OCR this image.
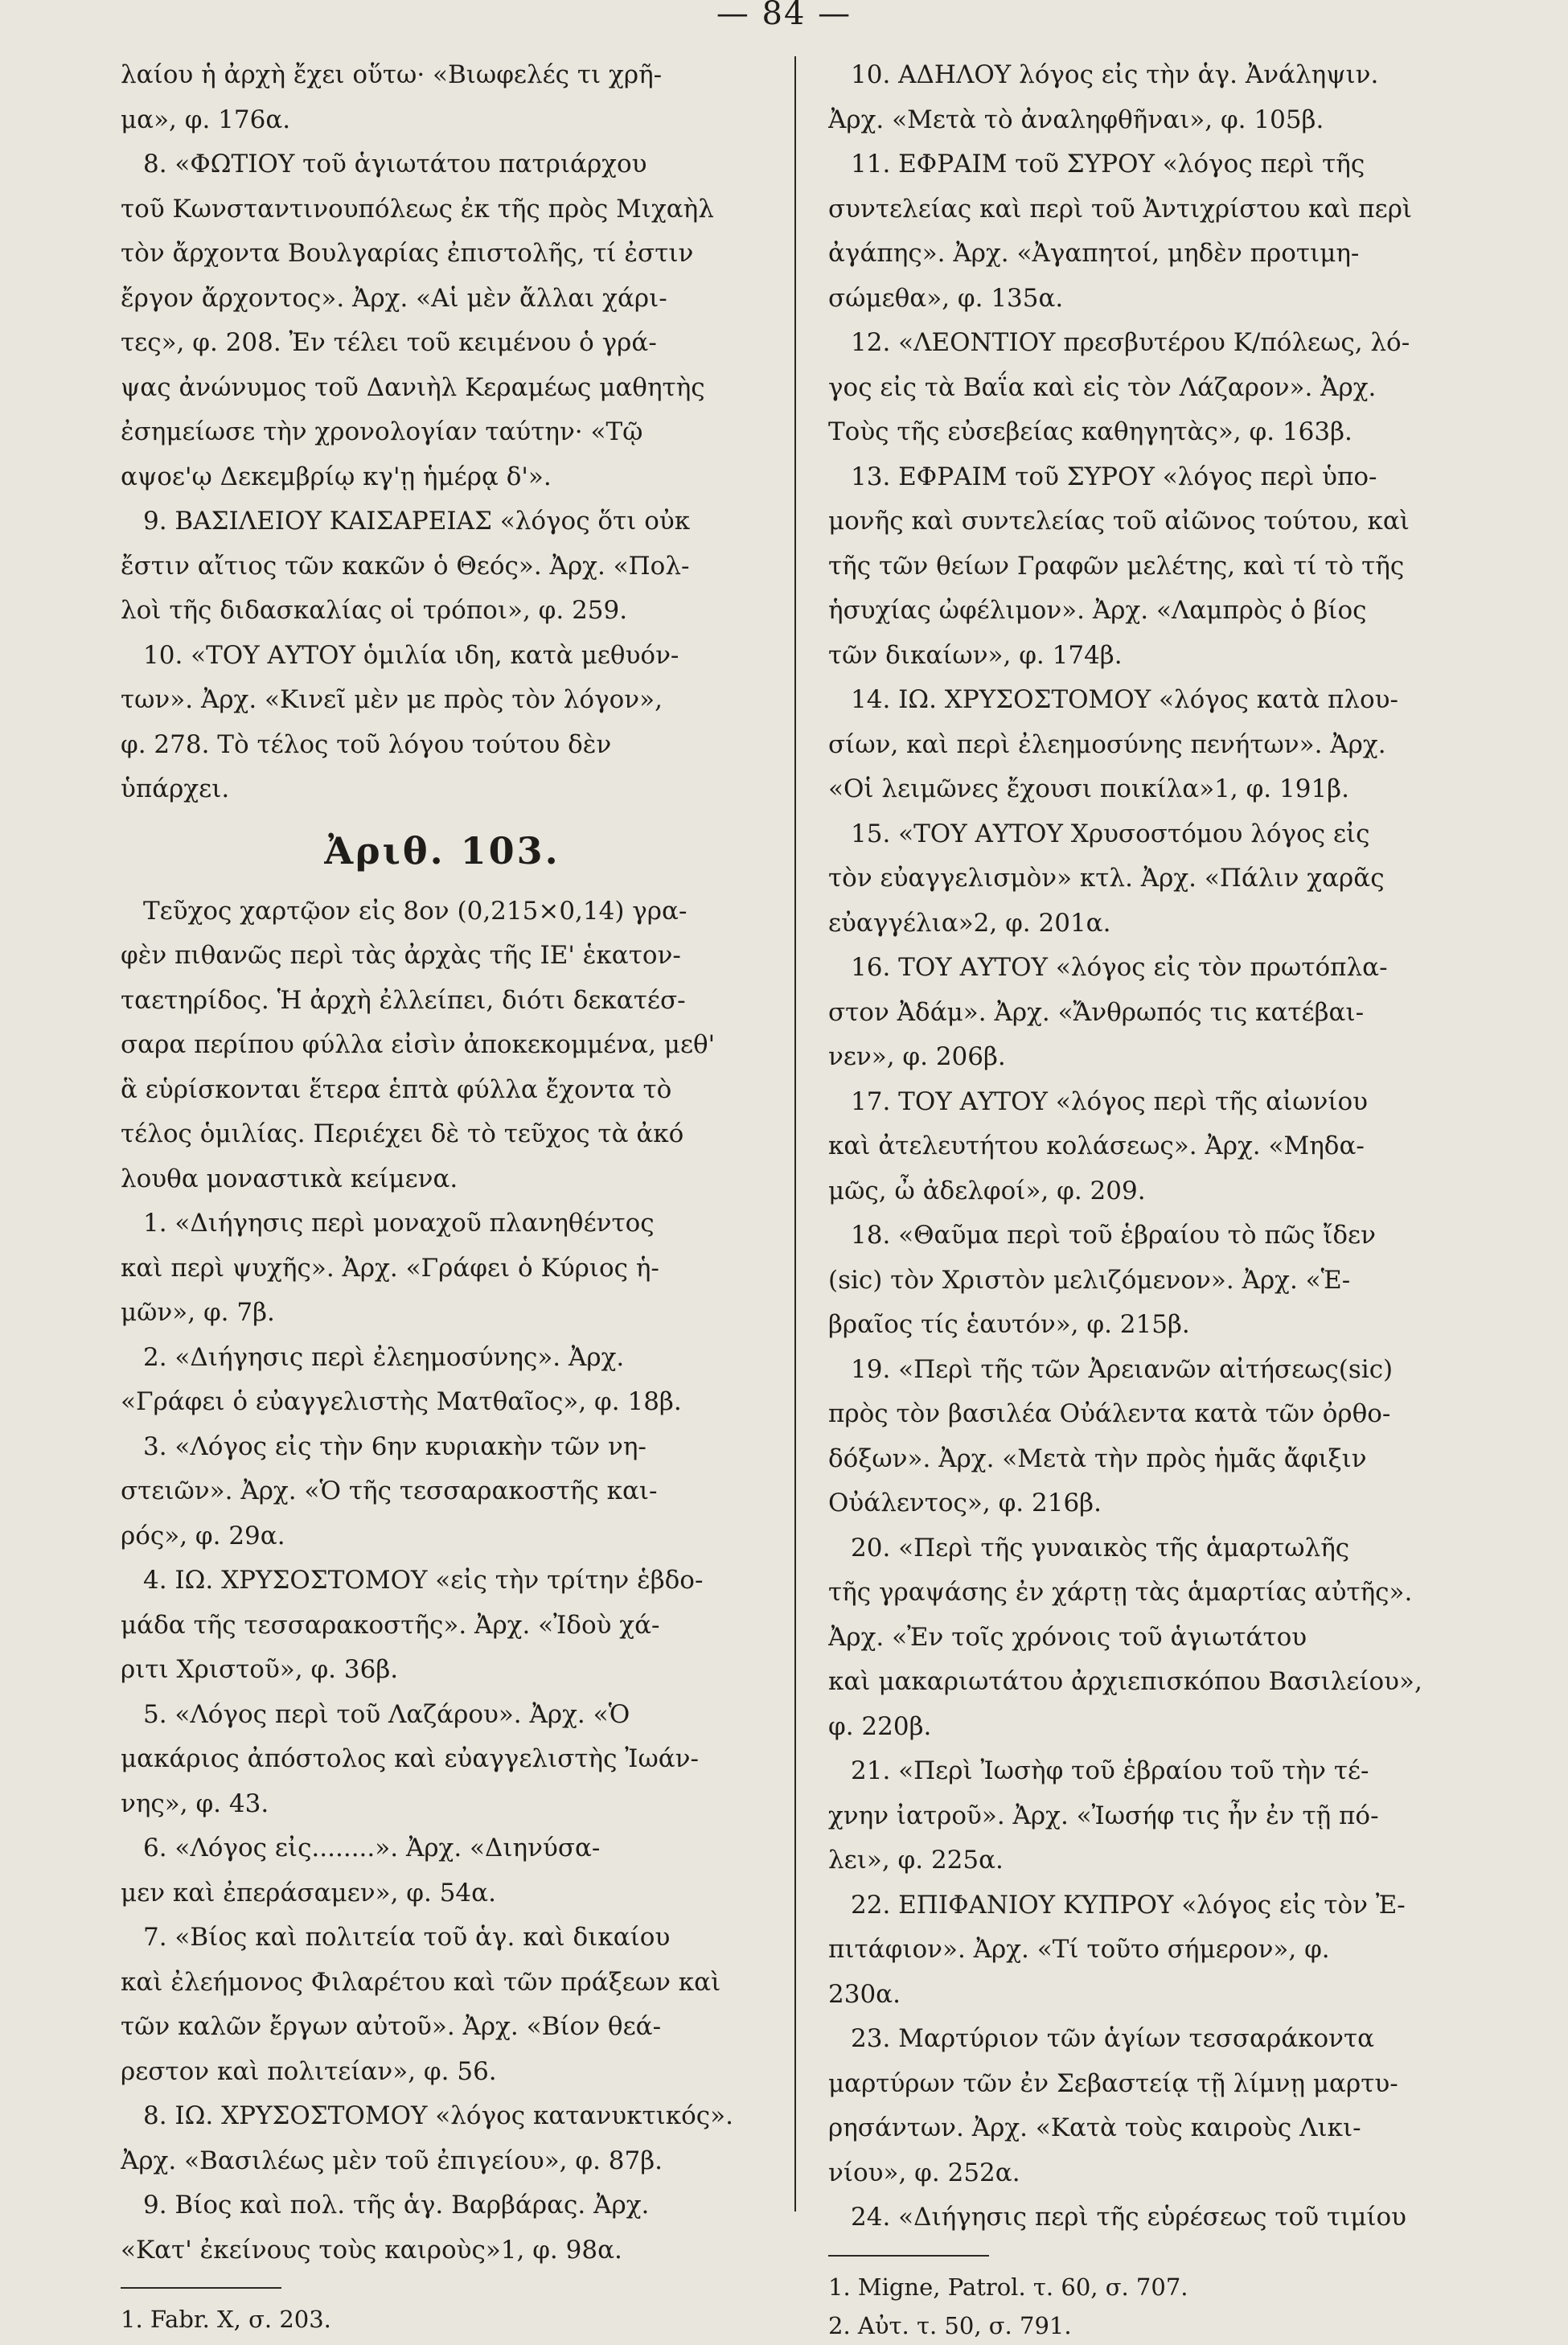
— 84 —
λαίου ἡ ἀρχὴ ἔχει οὕτω· «Βιωφελές τι χρῆ-
μα», φ. 176α.
8. «ΦΩΤΙΟΥ τοῦ ἁγιωτάτου πατριάρχου
τοῦ Κωνσταντινουπόλεως ἐκ τῆς πρὸς Μιχαὴλ
τὸν ἄρχοντα Βουλγαρίας ἐπιστολῆς, τί ἐστιν
ἔργον ἄρχοντος». Ἀρχ. «Αἱ μὲν ἄλλαι χάρι-
τες», φ. 208. Ἐν τέλει τοῦ κειμένου ὁ γρά-
ψας ἀνώνυμος τοῦ Δανιὴλ Κεραμέως μαθητὴς
ἐσημείωσε τὴν χρονολογίαν ταύτην· «Τῷ
αψοε'ῳ Δεκεμβρίῳ κγ'ῃ ἡμέρᾳ δ'».
9. ΒΑΣΙΛΕΙΟΥ ΚΑΙΣΑΡΕΙΑΣ «λόγος ὅτι οὐκ
ἔστιν αἴτιος τῶν κακῶν ὁ Θεός». Ἀρχ. «Πολ-
λοὶ τῆς διδασκαλίας οἱ τρόποι», φ. 259.
10. «ΤΟΥ ΑΥΤΟΥ ὁμιλία ιδη, κατὰ μεθυόν-
των». Ἀρχ. «Κινεῖ μὲν με πρὸς τὸν λόγον»,
φ. 278. Τὸ τέλος τοῦ λόγου τούτου δὲν
ὑπάρχει.
Ἀριθ. 103.
Τεῦχος χαρτῷον εἰς 8ον (0,215×0,14) γρα-
φὲν πιθανῶς περὶ τὰς ἀρχὰς τῆς ΙΕ' ἑκατον-
ταετηρίδος. Ἡ ἀρχὴ ἐλλείπει, διότι δεκατέσ-
σαρα περίπου φύλλα εἰσὶν ἀποκεκομμένα, μεθ'
ἃ εὑρίσκονται ἕτερα ἑπτὰ φύλλα ἔχοντα τὸ
τέλος ὁμιλίας. Περιέχει δὲ τὸ τεῦχος τὰ ἀκό
λουθα μοναστικὰ κείμενα.
1. «Διήγησις περὶ μοναχοῦ πλανηθέντος
καὶ περὶ ψυχῆς». Ἀρχ. «Γράφει ὁ Κύριος ἡ-
μῶν», φ. 7β.
2. «Διήγησις περὶ ἐλεημοσύνης». Ἀρχ.
«Γράφει ὁ εὐαγγελιστὴς Ματθαῖος», φ. 18β.
3. «Λόγος εἰς τὴν 6ην κυριακὴν τῶν νη-
στειῶν». Ἀρχ. «Ὁ τῆς τεσσαρακοστῆς και-
ρός», φ. 29α.
4. ΙΩ. ΧΡΥΣΟΣΤΟΜΟΥ «εἰς τὴν τρίτην ἑβδο-
μάδα τῆς τεσσαρακοστῆς». Ἀρχ. «Ἰδοὺ χά-
ριτι Χριστοῦ», φ. 36β.
5. «Λόγος περὶ τοῦ Λαζάρου». Ἀρχ. «Ὁ
μακάριος ἀπόστολος καὶ εὐαγγελιστὴς Ἰωάν-
νης», φ. 43.
6. «Λόγος εἰς........». Ἀρχ. «Διηνύσα-
μεν καὶ ἐπεράσαμεν», φ. 54α.
7. «Βίος καὶ πολιτεία τοῦ ἁγ. καὶ δικαίου
καὶ ἐλεήμονος Φιλαρέτου καὶ τῶν πράξεων καὶ
τῶν καλῶν ἔργων αὐτοῦ». Ἀρχ. «Βίον θεά-
ρεστον καὶ πολιτείαν», φ. 56.
8. ΙΩ. ΧΡΥΣΟΣΤΟΜΟΥ «λόγος κατανυκτικός».
Ἀρχ. «Βασιλέως μὲν τοῦ ἐπιγείου», φ. 87β.
9. Βίος καὶ πολ. τῆς ἁγ. Βαρβάρας. Ἀρχ.
«Κατ' ἐκείνους τοὺς καιροὺς»1, φ. 98α.
1. Fabr. X, σ. 203.
10. ΑΔΗΛΟΥ λόγος εἰς τὴν ἁγ. Ἀνάληψιν.
Ἀρχ. «Μετὰ τὸ ἀναληφθῆναι», φ. 105β.
11. ΕΦΡΑΙΜ τοῦ ΣΥΡΟΥ «λόγος περὶ τῆς
συντελείας καὶ περὶ τοῦ Ἀντιχρίστου καὶ περὶ
ἀγάπης». Ἀρχ. «Ἀγαπητοί, μηδὲν προτιμη-
σώμεθα», φ. 135α.
12. «ΛΕΟΝΤΙΟΥ πρεσβυτέρου Κ/πόλεως, λό-
γος εἰς τὰ Βαΐα καὶ εἰς τὸν Λάζαρον». Ἀρχ.
Τοὺς τῆς εὐσεβείας καθηγητὰς», φ. 163β.
13. ΕΦΡΑΙΜ τοῦ ΣΥΡΟΥ «λόγος περὶ ὑπο-
μονῆς καὶ συντελείας τοῦ αἰῶνος τούτου, καὶ
τῆς τῶν θείων Γραφῶν μελέτης, καὶ τί τὸ τῆς
ἡσυχίας ὠφέλιμον». Ἀρχ. «Λαμπρὸς ὁ βίος
τῶν δικαίων», φ. 174β.
14. ΙΩ. ΧΡΥΣΟΣΤΟΜΟΥ «λόγος κατὰ πλου-
σίων, καὶ περὶ ἐλεημοσύνης πενήτων». Ἀρχ.
«Οἱ λειμῶνες ἔχουσι ποικίλα»1, φ. 191β.
15. «ΤΟΥ ΑΥΤΟΥ Χρυσοστόμου λόγος εἰς
τὸν εὐαγγελισμὸν» κτλ. Ἀρχ. «Πάλιν χαρᾶς
εὐαγγέλια»2, φ. 201α.
16. ΤΟΥ ΑΥΤΟΥ «λόγος εἰς τὸν πρωτόπλα-
στον Ἀδάμ». Ἀρχ. «Ἄνθρωπός τις κατέβαι-
νεν», φ. 206β.
17. ΤΟΥ ΑΥΤΟΥ «λόγος περὶ τῆς αἰωνίου
καὶ ἀτελευτήτου κολάσεως». Ἀρχ. «Μηδα-
μῶς, ὦ ἀδελφοί», φ. 209.
18. «Θαῦμα περὶ τοῦ ἑβραίου τὸ πῶς ἴδεν
(sic) τὸν Χριστὸν μελιζόμενον». Ἀρχ. «Ἑ-
βραῖος τίς ἑαυτόν», φ. 215β.
19. «Περὶ τῆς τῶν Ἀρειανῶν αἰτήσεως(sic)
πρὸς τὸν βασιλέα Οὐάλεντα κατὰ τῶν ὀρθο-
δόξων». Ἀρχ. «Μετὰ τὴν πρὸς ἡμᾶς ἄφιξιν
Οὐάλεντος», φ. 216β.
20. «Περὶ τῆς γυναικὸς τῆς ἁμαρτωλῆς
τῆς γραψάσης ἐν χάρτῃ τὰς ἁμαρτίας αὐτῆς».
Ἀρχ. «Ἐν τοῖς χρόνοις τοῦ ἁγιωτάτου
καὶ μακαριωτάτου ἀρχιεπισκόπου Βασιλείου»,
φ. 220β.
21. «Περὶ Ἰωσὴφ τοῦ ἑβραίου τοῦ τὴν τέ-
χνην ἰατροῦ». Ἀρχ. «Ἰωσήφ τις ἦν ἐν τῇ πό-
λει», φ. 225α.
22. ΕΠΙΦΑΝΙΟΥ ΚΥΠΡΟΥ «λόγος εἰς τὸν Ἐ-
πιτάφιον». Ἀρχ. «Τί τοῦτο σήμερον», φ.
230α.
23. Μαρτύριον τῶν ἁγίων τεσσαράκοντα
μαρτύρων τῶν ἐν Σεβαστείᾳ τῇ λίμνῃ μαρτυ-
ρησάντων. Ἀρχ. «Κατὰ τοὺς καιροὺς Λικι-
νίου», φ. 252α.
24. «Διήγησις περὶ τῆς εὑρέσεως τοῦ τιμίου
1. Migne, Patrol. τ. 60, σ. 707.
2. Αὐτ. τ. 50, σ. 791.
